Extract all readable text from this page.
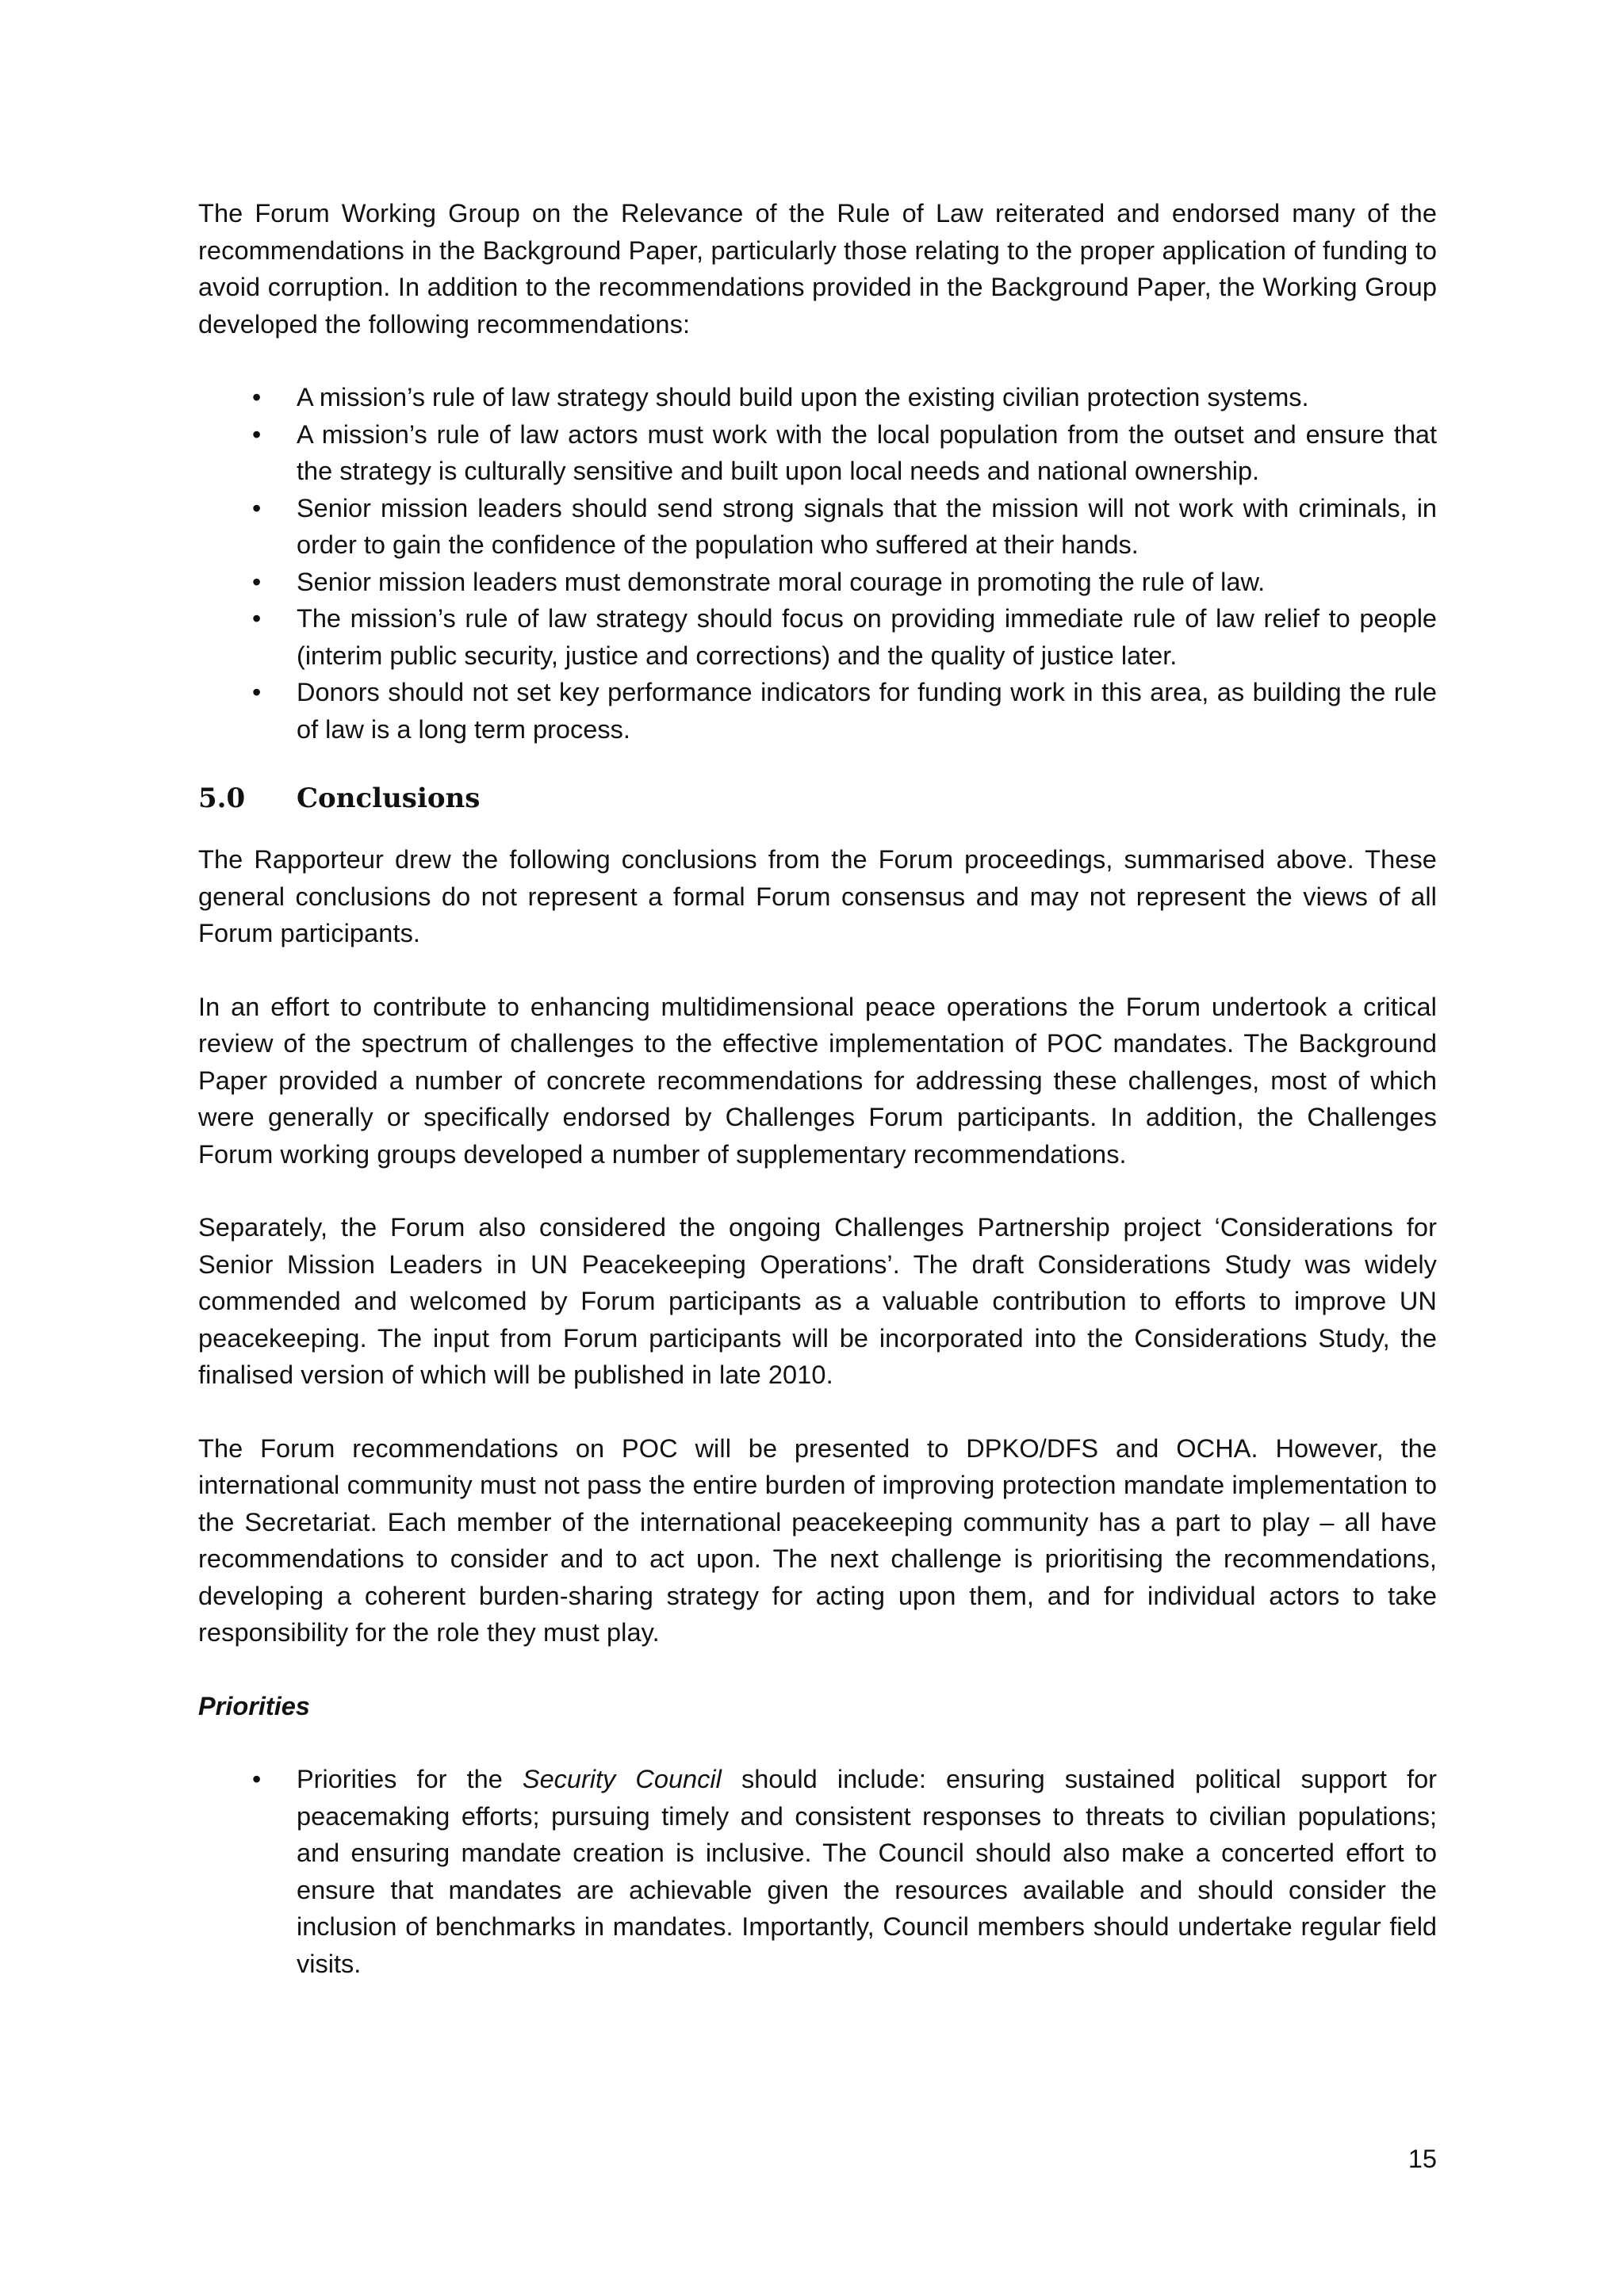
The Forum Working Group on the Relevance of the Rule of Law reiterated and endorsed many of the recommendations in the Background Paper, particularly those relating to the proper application of funding to avoid corruption. In addition to the recommendations provided in the Background Paper, the Working Group developed the following recommendations:

• A mission’s rule of law strategy should build upon the existing civilian protection systems.
• A mission’s rule of law actors must work with the local population from the outset and ensure that the strategy is culturally sensitive and built upon local needs and national ownership.
• Senior mission leaders should send strong signals that the mission will not work with criminals, in order to gain the confidence of the population who suffered at their hands.
• Senior mission leaders must demonstrate moral courage in promoting the rule of law.
• The mission’s rule of law strategy should focus on providing immediate rule of law relief to people (interim public security, justice and corrections) and the quality of justice later.
• Donors should not set key performance indicators for funding work in this area, as building the rule of law is a long term process.
5.0 Conclusions

The Rapporteur drew the following conclusions from the Forum proceedings, summarised above. These general conclusions do not represent a formal Forum consensus and may not represent the views of all Forum participants.

In an effort to contribute to enhancing multidimensional peace operations the Forum undertook a critical review of the spectrum of challenges to the effective implementation of POC mandates. The Background Paper provided a number of concrete recommendations for addressing these challenges, most of which were generally or specifically endorsed by Challenges Forum participants. In addition, the Challenges Forum working groups developed a number of supplementary recommendations.

Separately, the Forum also considered the ongoing Challenges Partnership project ‘Considerations for Senior Mission Leaders in UN Peacekeeping Operations’. The draft Considerations Study was widely commended and welcomed by Forum participants as a valuable contribution to efforts to improve UN peacekeeping. The input from Forum participants will be incorporated into the Considerations Study, the finalised version of which will be published in late 2010.

The Forum recommendations on POC will be presented to DPKO/DFS and OCHA. However, the international community must not pass the entire burden of improving protection mandate implementation to the Secretariat. Each member of the international peacekeeping community has a part to play – all have recommendations to consider and to act upon. The next challenge is prioritising the recommendations, developing a coherent burden-sharing strategy for acting upon them, and for individual actors to take responsibility for the role they must play.

Priorities
• Priorities for the Security Council should include: ensuring sustained political support for peacemaking efforts; pursuing timely and consistent responses to threats to civilian populations; and ensuring mandate creation is inclusive. The Council should also make a concerted effort to ensure that mandates are achievable given the resources available and should consider the inclusion of benchmarks in mandates. Importantly, Council members should undertake regular field visits.
15
